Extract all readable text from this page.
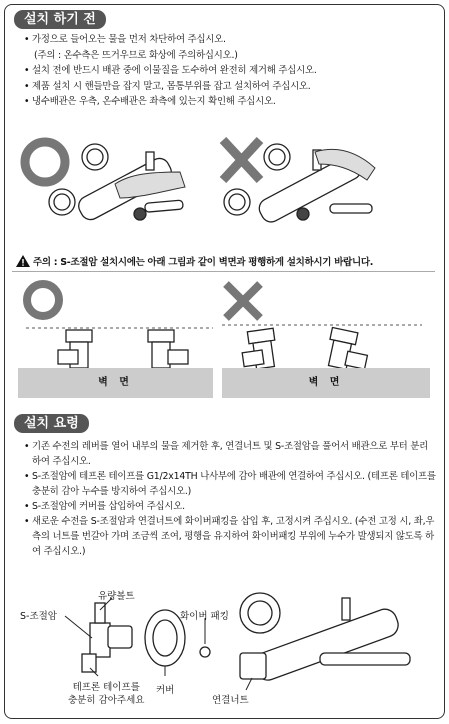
설치 하기 전
• 가정으로 들어오는 물을 먼저 차단하여 주십시오.
(주의 : 온수측은 뜨거우므로 화상에 주의하십시오.)
• 설치 전에 반드시 배관 중에 이물질을 도수하여 완전히 제거해 주십시오.
• 제품 설치 시 핸들만을 잡지 말고, 몸통부위를 잡고 설치하여 주십시오.
• 냉수배관은 우측, 온수배관은 좌측에 있는지 확인해 주십시오.
주의 : S-조절암 설치시에는 아래 그림과 같이 벽면과 평행하게 설치하시기 바랍니다.
벽 면	벽 면
설치 요령
• 기존 수전의 레버를 열어 내부의 물을 제거한 후, 연결너트 및 S-조절암을 풀어서 배관으로 부터 분리하여 주십시오.
• S-조절암에 테프론 테이프를 G1/2x14TH 나사부에 감아 배관에 연결하여 주십시오. (테프론 테이프를 충분히 감아 누수를 방지하여 주십시오.)
• S-조절암에 커버를 삽입하여 주십시오.
• 새로운 수전을 S-조절암과 연결너트에 화이버패킹을 삽입 후, 고정시켜 주십시오. (수전 고정 시, 좌,우측의 너트를 번갈아 가며 조금씩 조여, 평행을 유지하여 화이버패킹 부위에 누수가 발생되지 않도록 하여 주십시오.)
S-조절암
유량볼트
화이버 패킹
테프론 테이프를
충분히 감아주세요
커버
연결너트
